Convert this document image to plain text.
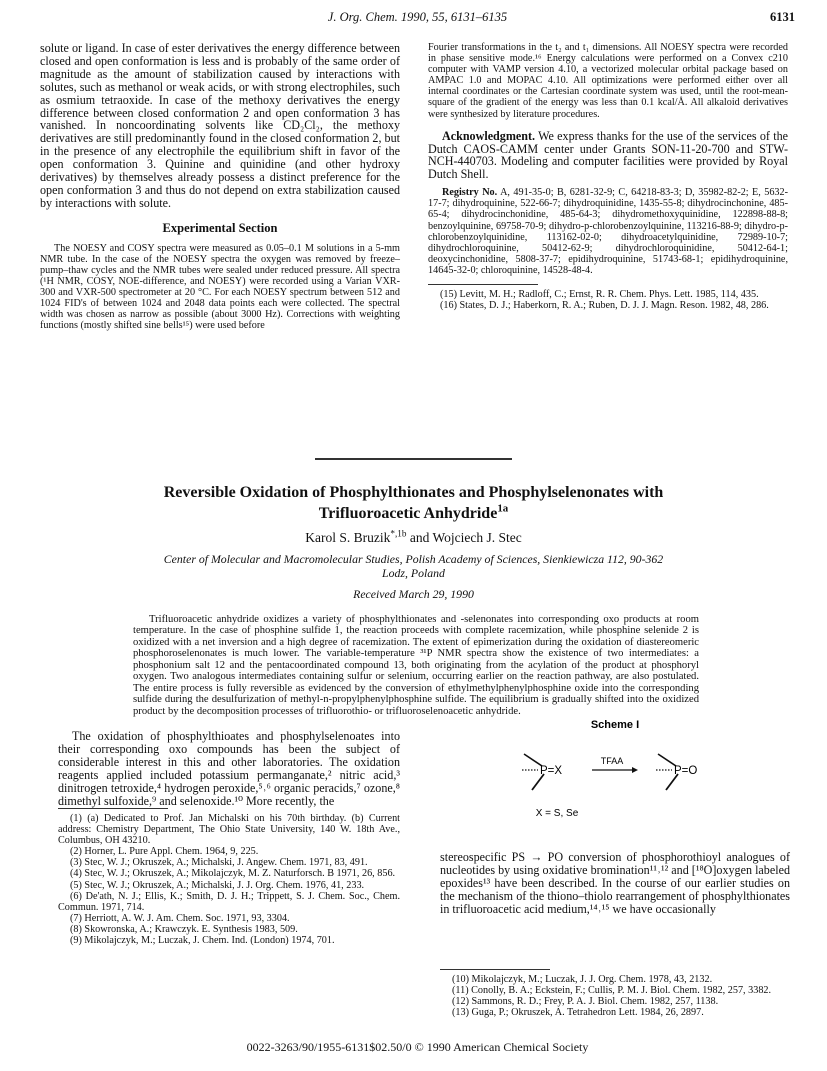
J. Org. Chem. 1990, 55, 6131–6135	6131

solute or ligand. In case of ester derivatives the energy difference between closed and open conformation is less and is probably of the same order of magnitude as the amount of stabilization caused by interactions with solutes, such as methanol or weak acids, or with strong electrophiles, such as osmium tetraoxide. In case of the methoxy derivatives the energy difference between closed conformation 2 and open conformation 3 has vanished. In noncoordinating solvents like CD₂Cl₂, the methoxy derivatives are still predominantly found in the closed conformation 2, but in the presence of any electrophile the equilibrium shift in favor of the open conformation 3. Quinine and quinidine (and other hydroxy derivatives) by themselves already possess a distinct preference for the open conformation 3 and thus do not depend on extra stabilization caused by interactions with solute.

Experimental Section

The NOESY and COSY spectra were measured as 0.05–0.1 M solutions in a 5-mm NMR tube. In the case of the NOESY spectra the oxygen was removed by freeze–pump–thaw cycles and the NMR tubes were sealed under reduced pressure. All spectra (¹H NMR, COSY, NOE-difference, and NOESY) were recorded using a Varian VXR-300 and VXR-500 spectrometer at 20 °C. For each NOESY spectrum between 512 and 1024 FID's of between 1024 and 2048 data points each were collected. The spectral width was chosen as narrow as possible (about 3000 Hz). Corrections with weighting functions (mostly shifted sine bells¹⁵) were used before

Fourier transformations in the t₂ and t₁ dimensions. All NOESY spectra were recorded in phase sensitive mode.¹⁶ Energy calculations were performed on a Convex c210 computer with VAMP version 4.10, a vectorized molecular orbital package based on AMPAC 1.0 and MOPAC 4.10. All optimizations were performed either over all internal coordinates or the Cartesian coordinate system was used, until the root-mean-square of the gradient of the energy was less than 0.1 kcal/Å. All alkaloid derivatives were synthesized by literature procedures.

Acknowledgment. We express thanks for the use of the services of the Dutch CAOS-CAMM center under Grants SON-11-20-700 and STW-NCH-440703. Modeling and computer facilities were provided by Royal Dutch Shell.

Registry No. A, 491-35-0; B, 6281-32-9; C, 64218-83-3; D, 35982-82-2; E, 5632-17-7; dihydroquinine, 522-66-7; dihydroquinidine, 1435-55-8; dihydrocinchonine, 485-65-4; dihydrocinchonidine, 485-64-3; dihydromethoxyquinidine, 122898-88-8; benzoylquinine, 69758-70-9; dihydro-p-chlorobenzoylquinine, 113216-88-9; dihydro-p-chlorobenzoylquinidine, 113162-02-0; dihydroacetylquinidine, 72989-10-7; dihydrochloroquinine, 50412-62-9; dihydrochloroquinidine, 50412-64-1; deoxycinchonidine, 5808-37-7; epidihydroquinine, 51743-68-1; epidihydroquinine, 14645-32-0; chloroquinine, 14528-48-4.

(15) Levitt, M. H.; Radloff, C.; Ernst, R. R. Chem. Phys. Lett. 1985, 114, 435.

(16) States, D. J.; Haberkorn, R. A.; Ruben, D. J. J. Magn. Reson. 1982, 48, 286.

Reversible Oxidation of Phosphylthionates and Phosphylselenonates with
Trifluoroacetic Anhydride$^{1a}$
Karol S. Bruzik$^{*,1b}$ and Wojciech J. Stec
Center of Molecular and Macromolecular Studies, Polish Academy of Sciences, Sienkiewicza 112, 90-362 Lodz, Poland
Received March 29, 1990

Trifluoroacetic anhydride oxidizes a variety of phosphylthionates and -selenonates into corresponding oxo products at room temperature. In the case of phosphine sulfide 1, the reaction proceeds with complete racemization, while phosphine selenide 2 is oxidized with a net inversion and a high degree of racemization. The extent of epimerization during the oxidation of diastereomeric phosphoroselenonates is much lower. The variable-temperature ³¹P NMR spectra show the existence of two intermediates: a phosphonium salt 12 and the pentacoordinated compound 13, both originating from the acylation of the product at phosphoryl oxygen. Two analogous intermediates containing sulfur or selenium, occurring earlier on the reaction pathway, are also postulated. The entire process is fully reversible as evidenced by the conversion of ethylmethylphenylphosphine oxide into the corresponding sulfide during the desulfurization of methyl-n-propylphenylphosphine sulfide. The equilibrium is gradually shifted into the oxidized product by the decomposition processes of trifluorothio- or trifluoroselenoacetic anhydride.

The oxidation of phosphylthioates and phosphylselenoates into their corresponding oxo compounds has been the subject of considerable interest in this and other laboratories. The oxidation reagents applied included potassium permanganate,² nitric acid,³ dinitrogen tetroxide,⁴ hydrogen peroxide,⁵˒⁶ organic peracids,⁷ ozone,⁸ dimethyl sulfoxide,⁹ and selenoxide.¹⁰ More recently, the

(1) (a) Dedicated to Prof. Jan Michalski on his 70th birthday. (b) Current address: Chemistry Department, The Ohio State University, 140 W. 18th Ave., Columbus, OH 43210.

(2) Horner, L. Pure Appl. Chem. 1964, 9, 225.

(3) Stec, W. J.; Okruszek, A.; Michalski, J. Angew. Chem. 1971, 83, 491.

(4) Stec, W. J.; Okruszek, A.; Mikolajczyk, M. Z. Naturforsch. B 1971, 26, 856.

(5) Stec, W. J.; Okruszek, A.; Michalski, J. J. Org. Chem. 1976, 41, 233.

(6) De'ath, N. J.; Ellis, K.; Smith, D. J. H.; Trippett, S. J. Chem. Soc., Chem. Commun. 1971, 714.

(7) Herriott, A. W. J. Am. Chem. Soc. 1971, 93, 3304.

(8) Skowronska, A.; Krawczyk. E. Synthesis 1983, 509.

(9) Mikolajczyk, M.; Luczak, J. Chem. Ind. (London) 1974, 701.

Scheme I
P=X
TFAA
P=O
X = S, Se

stereospecific PS → PO conversion of phosphorothioyl analogues of nucleotides by using oxidative bromination¹¹˒¹² and [¹⁸O]oxygen labeled epoxides¹³ have been described. In the course of our earlier studies on the mechanism of the thiono–thiolo rearrangement of phosphylthionates in trifluoroacetic acid medium,¹⁴˒¹⁵ we have occasionally

(10) Mikolajczyk, M.; Luczak, J. J. Org. Chem. 1978, 43, 2132.

(11) Conolly, B. A.; Eckstein, F.; Cullis, P. M. J. Biol. Chem. 1982, 257, 3382.

(12) Sammons, R. D.; Frey, P. A. J. Biol. Chem. 1982, 257, 1138.

(13) Guga, P.; Okruszek, A. Tetrahedron Lett. 1984, 26, 2897.

0022-3263/90/1955-6131$02.50/0 © 1990 American Chemical Society
